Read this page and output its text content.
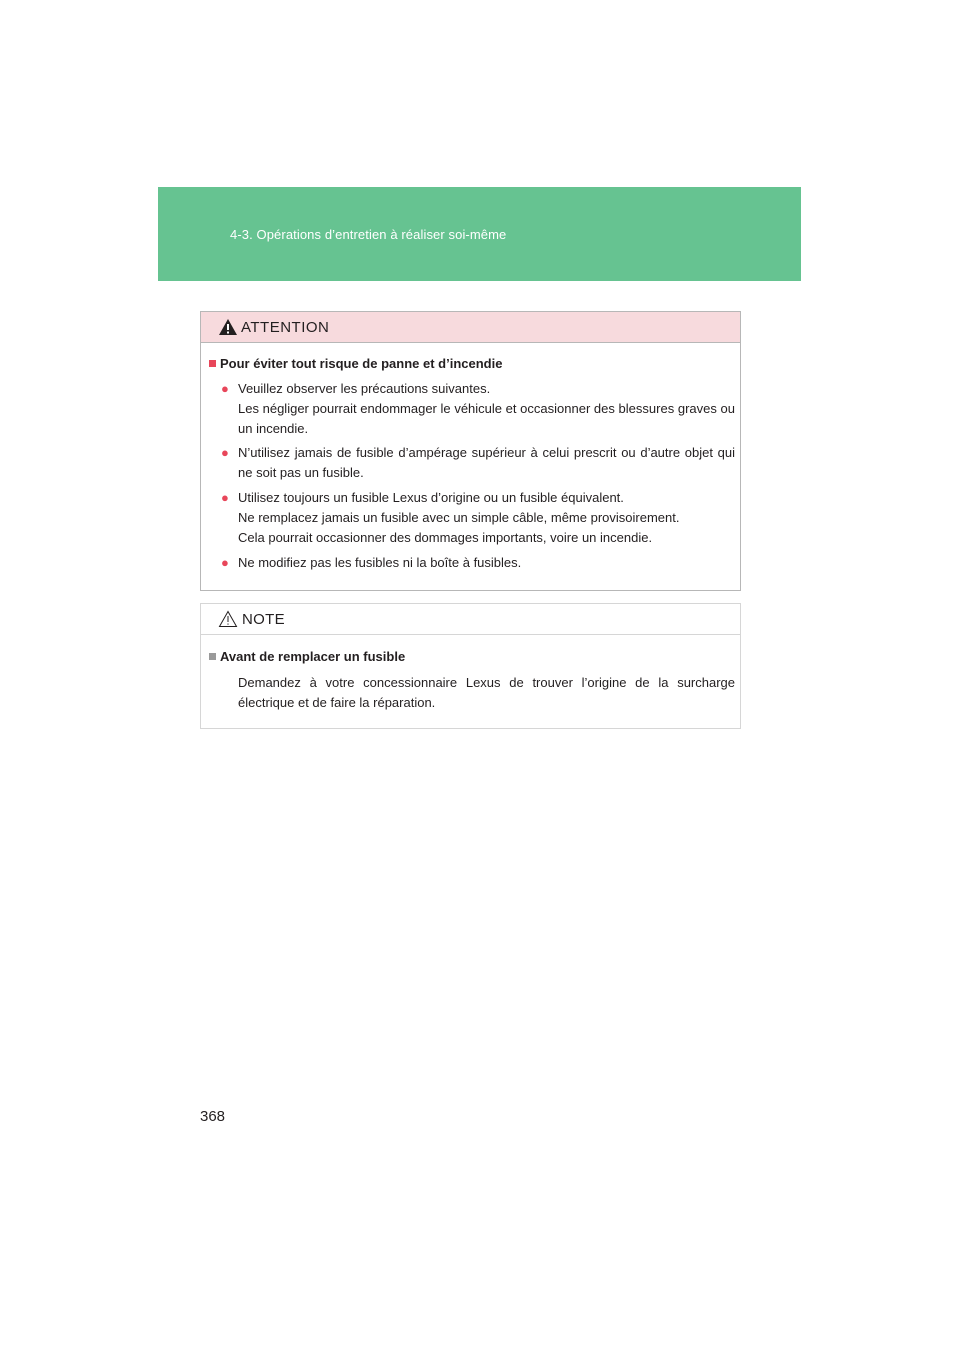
4-3. Opérations d’entretien à réaliser soi-même
ATTENTION
Pour éviter tout risque de panne et d’incendie
● Veuillez observer les précautions suivantes.
Les négliger pourrait endommager le véhicule et occasionner des blessures graves ou un incendie.
● N’utilisez jamais de fusible d’ampérage supérieur à celui prescrit ou d’autre objet qui ne soit pas un fusible.
● Utilisez toujours un fusible Lexus d’origine ou un fusible équivalent.
Ne remplacez jamais un fusible avec un simple câble, même provisoirement.
Cela pourrait occasionner des dommages importants, voire un incendie.
● Ne modifiez pas les fusibles ni la boîte à fusibles.
NOTE
Avant de remplacer un fusible
Demandez à votre concessionnaire Lexus de trouver l’origine de la surcharge électrique et de faire la réparation.
368
